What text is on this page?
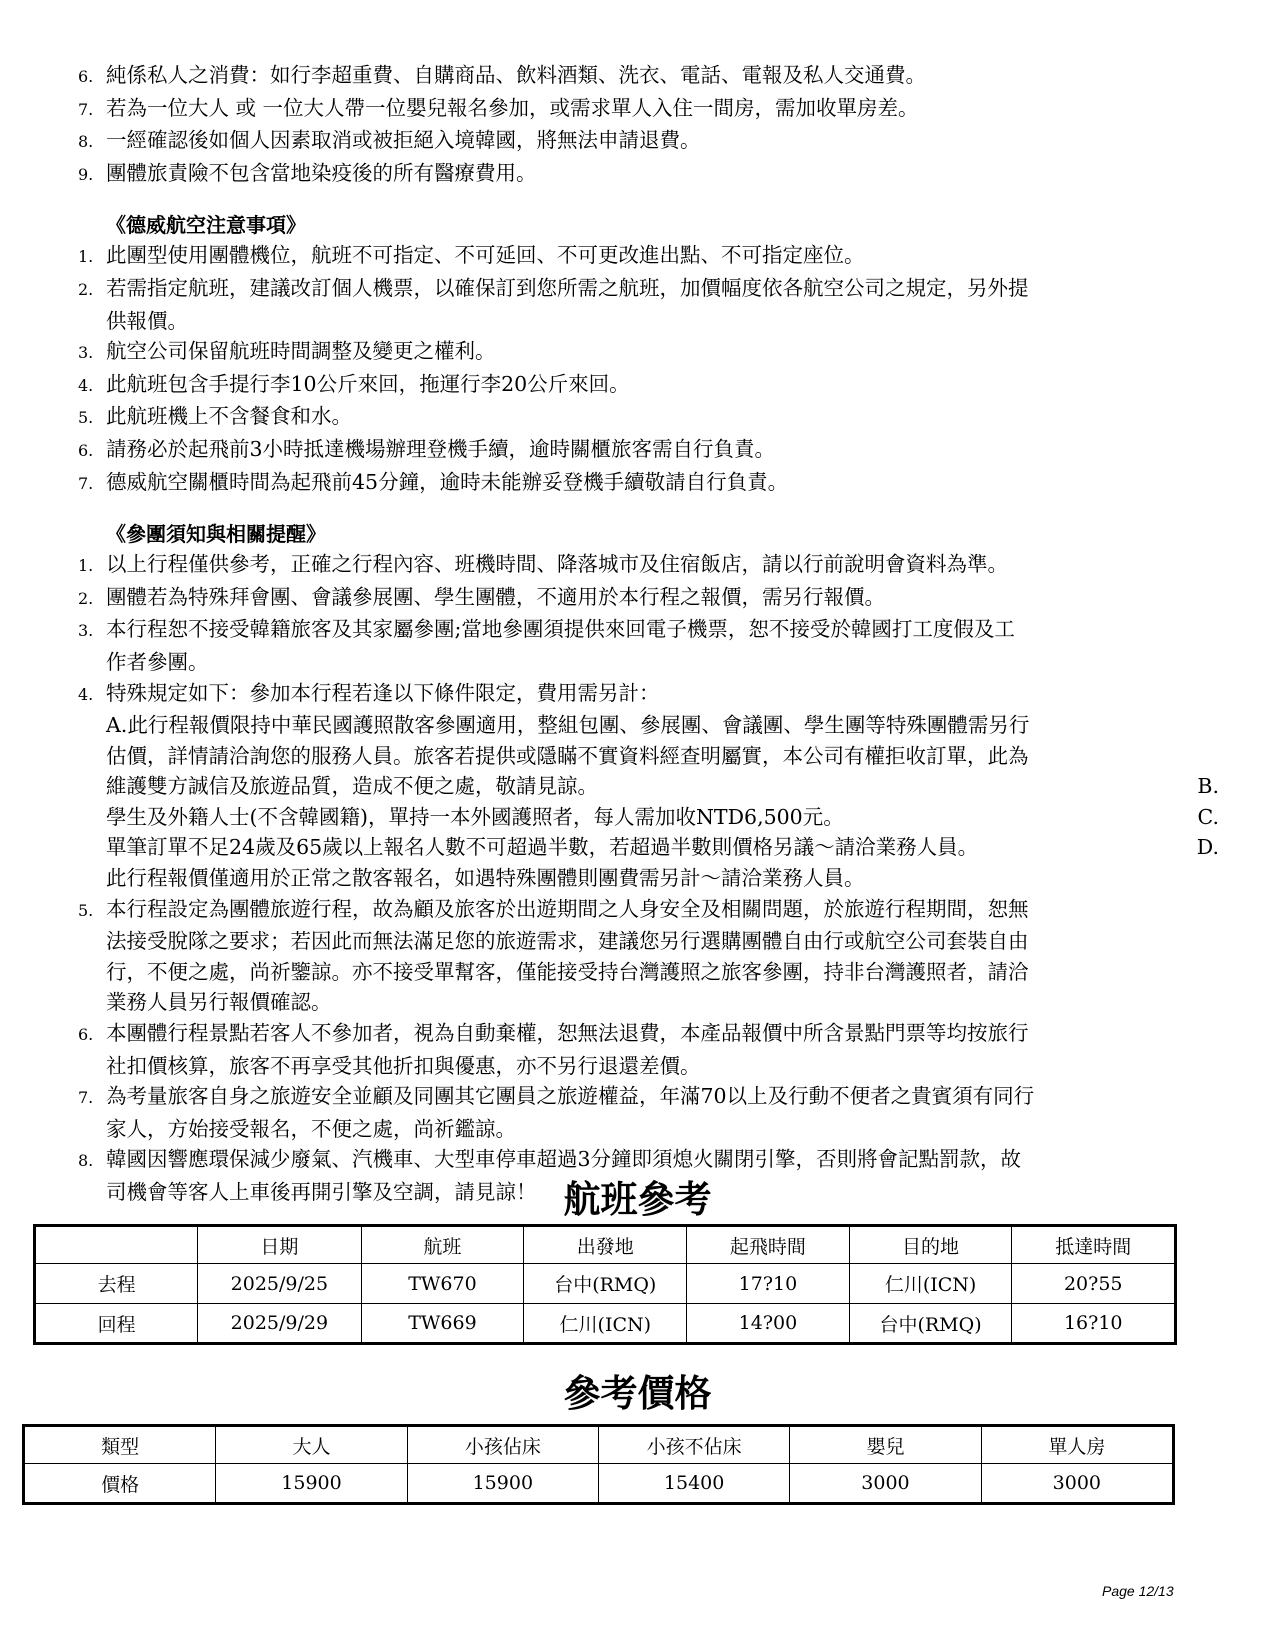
6. 純係私人之消費：如行李超重費、自購商品、飲料酒類、洗衣、電話、電報及私人交通費。
7. 若為一位大人 或 一位大人帶一位嬰兒報名參加，或需求單人入住一間房，需加收單房差。
8. 一經確認後如個人因素取消或被拒絕入境韓國，將無法申請退費。
9. 團體旅責險不包含當地染疫後的所有醫療費用。
《德威航空注意事項》
1. 此團型使用團體機位，航班不可指定、不可延回、不可更改進出點、不可指定座位。
2. 若需指定航班，建議改訂個人機票，以確保訂到您所需之航班，加價幅度依各航空公司之規定，另外提
供報價。
3. 航空公司保留航班時間調整及變更之權利。
4. 此航班包含手提行李10公斤來回，拖運行李20公斤來回。
5. 此航班機上不含餐食和水。
6. 請務必於起飛前3小時抵達機場辦理登機手續，逾時關櫃旅客需自行負責。
7. 德威航空關櫃時間為起飛前45分鐘，逾時未能辦妥登機手續敬請自行負責。
《參團須知與相關提醒》
1. 以上行程僅供參考，正確之行程內容、班機時間、降落城市及住宿飯店，請以行前說明會資料為準。
2. 團體若為特殊拜會團、會議參展團、學生團體，不適用於本行程之報價，需另行報價。
3. 本行程恕不接受韓籍旅客及其家屬參團;當地參團須提供來回電子機票，恕不接受於韓國打工度假及工
作者參團。
4. 特殊規定如下：參加本行程若逢以下條件限定，費用需另計：
A.此行程報價限持中華民國護照散客參團適用，整組包團、參展團、會議團、學生團等特殊團體需另行
估價，詳情請洽詢您的服務人員。旅客若提供或隱瞞不實資料經查明屬實，本公司有權拒收訂單，此為
維護雙方誠信及旅遊品質，造成不便之處，敬請見諒。	B.
學生及外籍人士(不含韓國籍)，單持一本外國護照者，每人需加收NTD6,500元。	C.
單筆訂單不足24歲及65歲以上報名人數不可超過半數，若超過半數則價格另議～請洽業務人員。	D.
此行程報價僅適用於正常之散客報名，如遇特殊團體則團費需另計～請洽業務人員。
5. 本行程設定為團體旅遊行程，故為顧及旅客於出遊期間之人身安全及相關問題，於旅遊行程期間，恕無
法接受脫隊之要求；若因此而無法滿足您的旅遊需求，建議您另行選購團體自由行或航空公司套裝自由
行，不便之處，尚祈鑒諒。亦不接受單幫客，僅能接受持台灣護照之旅客參團，持非台灣護照者，請洽
業務人員另行報價確認。
6. 本團體行程景點若客人不參加者，視為自動棄權，恕無法退費，本產品報價中所含景點門票等均按旅行
社扣價核算，旅客不再享受其他折扣與優惠，亦不另行退還差價。
7. 為考量旅客自身之旅遊安全並顧及同團其它團員之旅遊權益，年滿70以上及行動不便者之貴賓須有同行
家人，方始接受報名，不便之處，尚祈鑑諒。
8. 韓國因響應環保減少廢氣、汽機車、大型車停車超過3分鐘即須熄火關閉引擎，否則將會記點罰款，故
司機會等客人上車後再開引擎及空調，請見諒！ 航班參考
	日期	航班	出發地	起飛時間	目的地	抵達時間
去程	2025/9/25	TW670	台中(RMQ)	17?10	仁川(ICN)	20?55
回程	2025/9/29	TW669	仁川(ICN)	14?00	台中(RMQ)	16?10
參考價格
類型	大人	小孩佔床	小孩不佔床	嬰兒	單人房
價格	15900	15900	15400	3000	3000
Page 12/13
